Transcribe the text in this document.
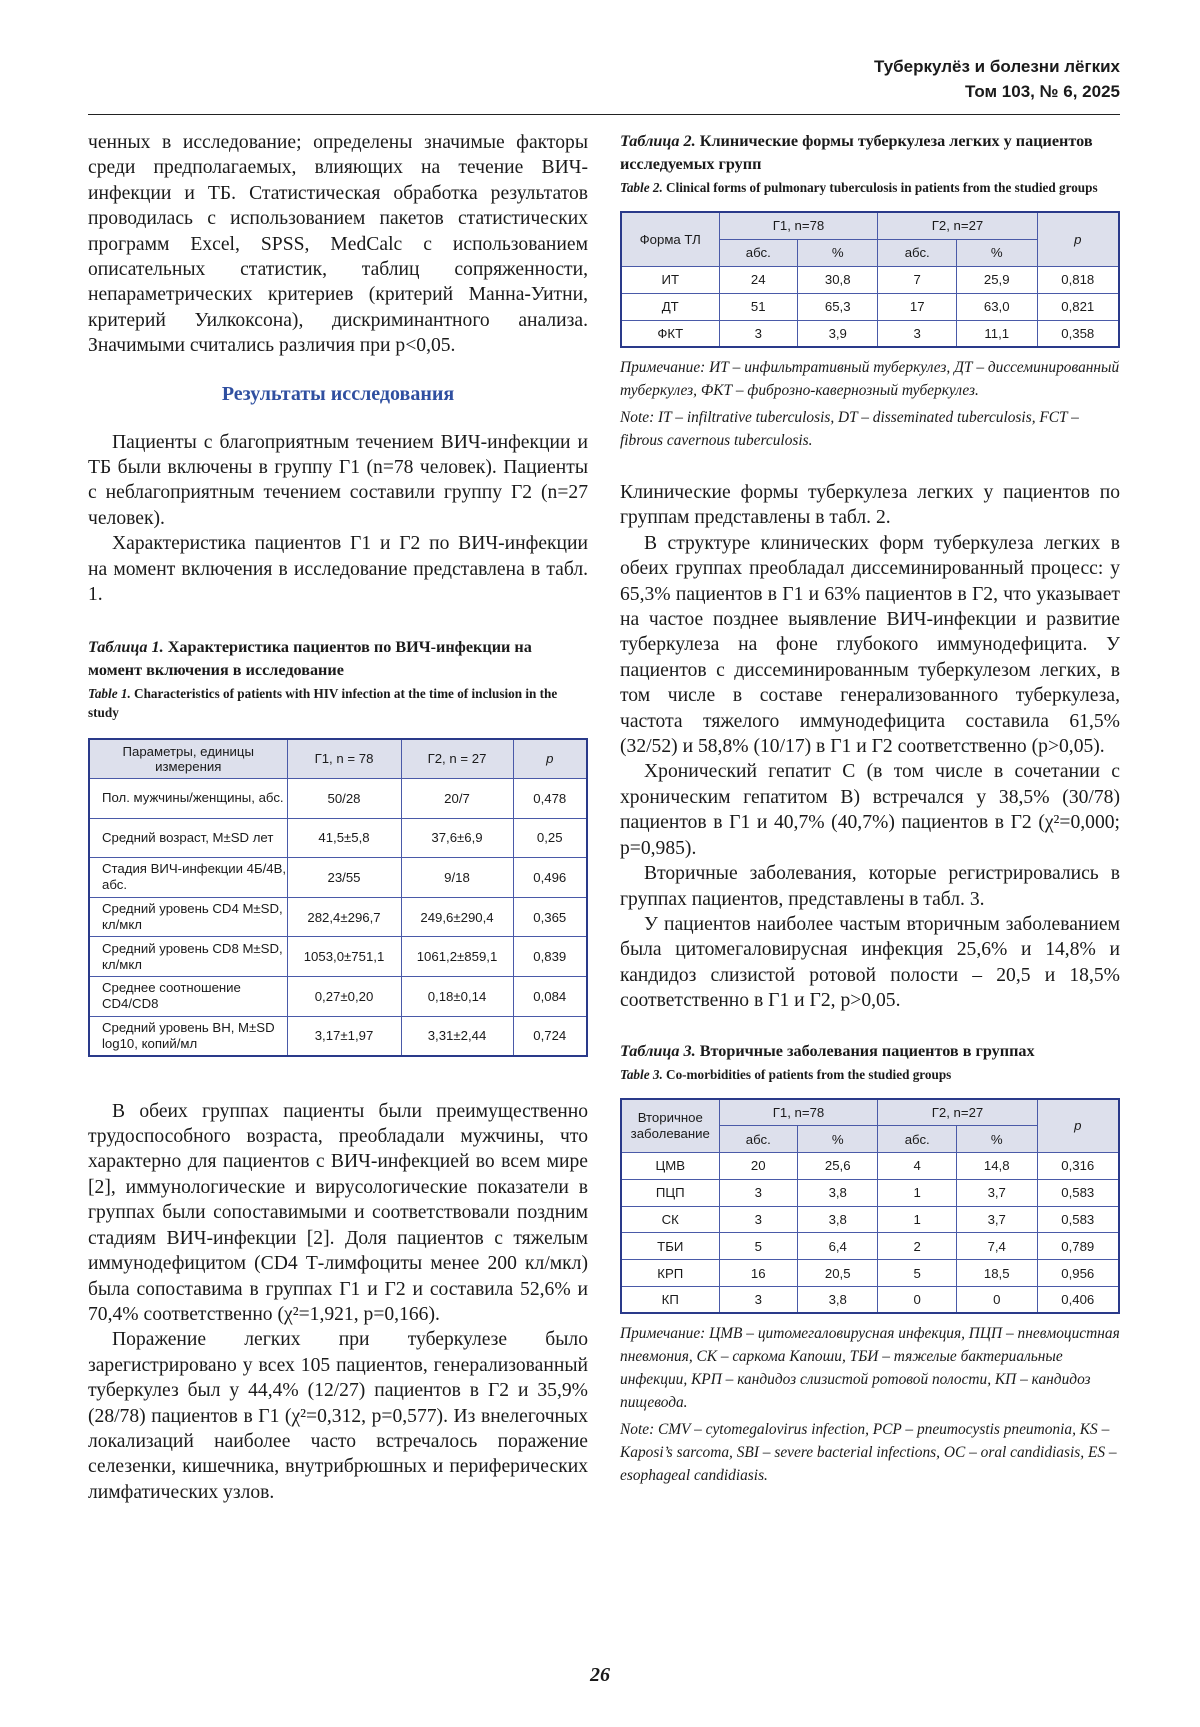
Туберкулёз и болезни лёгких
Том 103, № 6, 2025

ченных в исследование; определены значимые факторы среди предполагаемых, влияющих на течение ВИЧ-инфекции и ТБ. Статистическая обработка результатов проводилась с использованием пакетов статистических программ Excel, SPSS, MedCalc с использованием описательных статистик, таблиц сопряженности, непараметрических критериев (критерий Манна-Уитни, критерий Уилкоксона), дискриминантного анализа. Значимыми считались различия при p<0,05.

Результаты исследования

Пациенты с благоприятным течением ВИЧ-инфекции и ТБ были включены в группу Г1 (n=78 человек). Пациенты с неблагоприятным течением составили группу Г2 (n=27 человек).

Характеристика пациентов Г1 и Г2 по ВИЧ-инфекции на момент включения в исследование представлена в табл. 1.

Таблица 1. Характеристика пациентов по ВИЧ-инфекции на момент включения в исследование
Table 1. Characteristics of patients with HIV infection at the time of inclusion in the study
Параметры, единицы измерения	Г1, n = 78	Г2, n = 27	p
Пол. мужчины/женщины, абс.	50/28	20/7	0,478
Средний возраст, M±SD лет	41,5±5,8	37,6±6,9	0,25
Стадия ВИЧ-инфекции 4Б/4В, абс.	23/55	9/18	0,496
Средний уровень CD4 M±SD, кл/мкл	282,4±296,7	249,6±290,4	0,365
Средний уровень CD8 M±SD, кл/мкл	1053,0±751,1	1061,2±859,1	0,839
Среднее соотношение CD4/CD8	0,27±0,20	0,18±0,14	0,084
Средний уровень ВН, M±SD log10, копий/мл	3,17±1,97	3,31±2,44	0,724

В обеих группах пациенты были преимущественно трудоспособного возраста, преобладали мужчины, что характерно для пациентов с ВИЧ-инфекцией во всем мире [2], иммунологические и вирусологические показатели в группах были сопоставимыми и соответствовали поздним стадиям ВИЧ-инфекции [2]. Доля пациентов с тяжелым иммунодефицитом (CD4 Т-лимфоциты менее 200 кл/мкл) была сопоставима в группах Г1 и Г2 и составила 52,6% и 70,4% соответственно (χ²=1,921, p=0,166).

Поражение легких при туберкулезе было зарегистрировано у всех 105 пациентов, генерализованный туберкулез был у 44,4% (12/27) пациентов в Г2 и 35,9% (28/78) пациентов в Г1 (χ²=0,312, p=0,577). Из внелегочных локализаций наиболее часто встречалось поражение селезенки, кишечника, внутрибрюшных и периферических лимфатических узлов.

Таблица 2. Клинические формы туберкулеза легких у пациентов исследуемых групп
Table 2. Clinical forms of pulmonary tuberculosis in patients from the studied groups
Форма ТЛ	Г1, n=78		Г2, n=27		p
	абс.	%	абс.	%	
ИТ	24	30,8	7	25,9	0,818
ДТ	51	65,3	17	63,0	0,821
ФКТ	3	3,9	3	11,1	0,358

Примечание: ИТ – инфильтративный туберкулез, ДТ – диссеминированный туберкулез, ФКТ – фиброзно-кавернозный туберкулез.

Note: IT – infiltrative tuberculosis, DT – disseminated tuberculosis, FCT – fibrous cavernous tuberculosis.

Клинические формы туберкулеза легких у пациентов по группам представлены в табл. 2.

В структуре клинических форм туберкулеза легких в обеих группах преобладал диссеминированный процесс: у 65,3% пациентов в Г1 и 63% пациентов в Г2, что указывает на частое позднее выявление ВИЧ-инфекции и развитие туберкулеза на фоне глубокого иммунодефицита. У пациентов с диссеминированным туберкулезом легких, в том числе в составе генерализованного туберкулеза, частота тяжелого иммунодефицита составила 61,5% (32/52) и 58,8% (10/17) в Г1 и Г2 соответственно (p>0,05).

Хронический гепатит С (в том числе в сочетании с хроническим гепатитом В) встречался у 38,5% (30/78) пациентов в Г1 и 40,7% (40,7%) пациентов в Г2 (χ²=0,000; p=0,985).

Вторичные заболевания, которые регистрировались в группах пациентов, представлены в табл. 3.

У пациентов наиболее частым вторичным заболеванием была цитомегаловирусная инфекция 25,6% и 14,8% и кандидоз слизистой ротовой полости – 20,5 и 18,5% соответственно в Г1 и Г2, p>0,05.

Таблица 3. Вторичные заболевания пациентов в группах
Table 3. Co-morbidities of patients from the studied groups
Вторичное заболевание	Г1, n=78		Г2, n=27		p
	абс.	%	абс.	%	
ЦМВ	20	25,6	4	14,8	0,316
ПЦП	3	3,8	1	3,7	0,583
СК	3	3,8	1	3,7	0,583
ТБИ	5	6,4	2	7,4	0,789
КРП	16	20,5	5	18,5	0,956
КП	3	3,8	0	0	0,406

Примечание: ЦМВ – цитомегаловирусная инфекция, ПЦП – пневмоцистная пневмония, СК – саркома Капоши, ТБИ – тяжелые бактериальные инфекции, КРП – кандидоз слизистой ротовой полости, КП – кандидоз пищевода.

Note: CMV – cytomegalovirus infection, PCP – pneumocystis pneumonia, KS – Kaposi’s sarcoma, SBI – severe bacterial infections, OC – oral candidiasis, ES – esophageal candidiasis.

26
